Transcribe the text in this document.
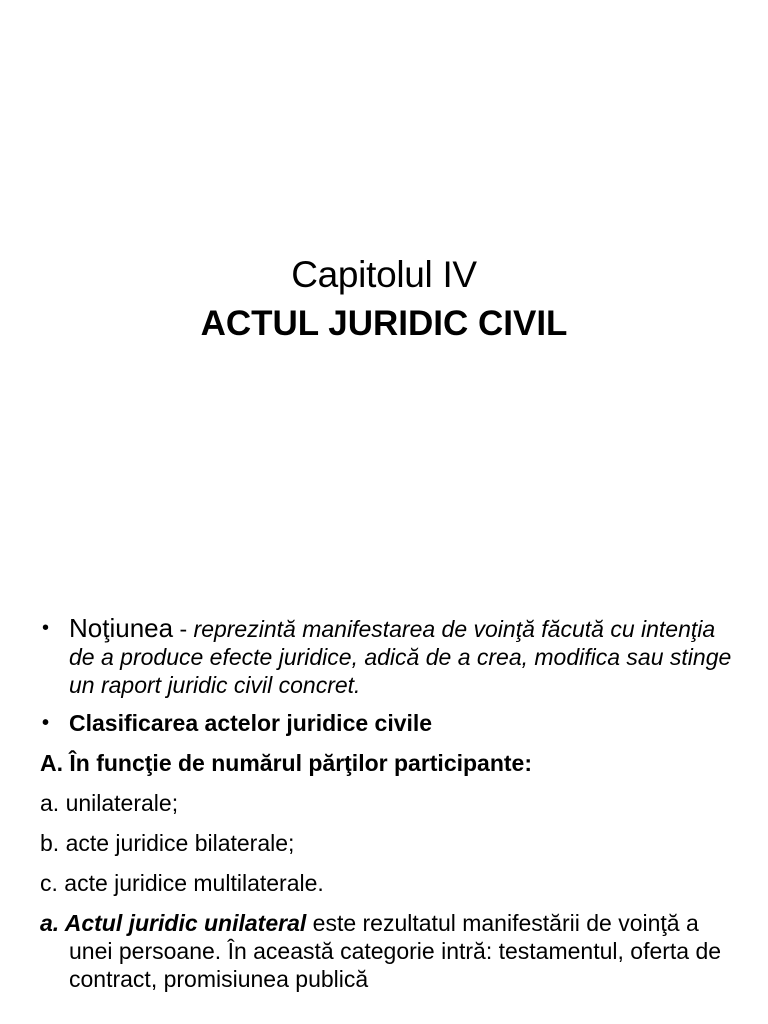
Capitolul IV
ACTUL JURIDIC CIVIL

• Noţiunea - reprezintă manifestarea de voinţă făcută cu intenţia de a produce efecte juridice, adică de a crea, modifica sau stinge un raport juridic civil concret.

• Clasificarea actelor juridice civile

A. În funcţie de numărul părţilor participante:

a. unilaterale;

b. acte juridice bilaterale;

c. acte juridice multilaterale.

a. Actul juridic unilateral este rezultatul manifestării de voinţă a unei persoane. În această categorie intră: testamentul, oferta de contract, promisiunea publică
